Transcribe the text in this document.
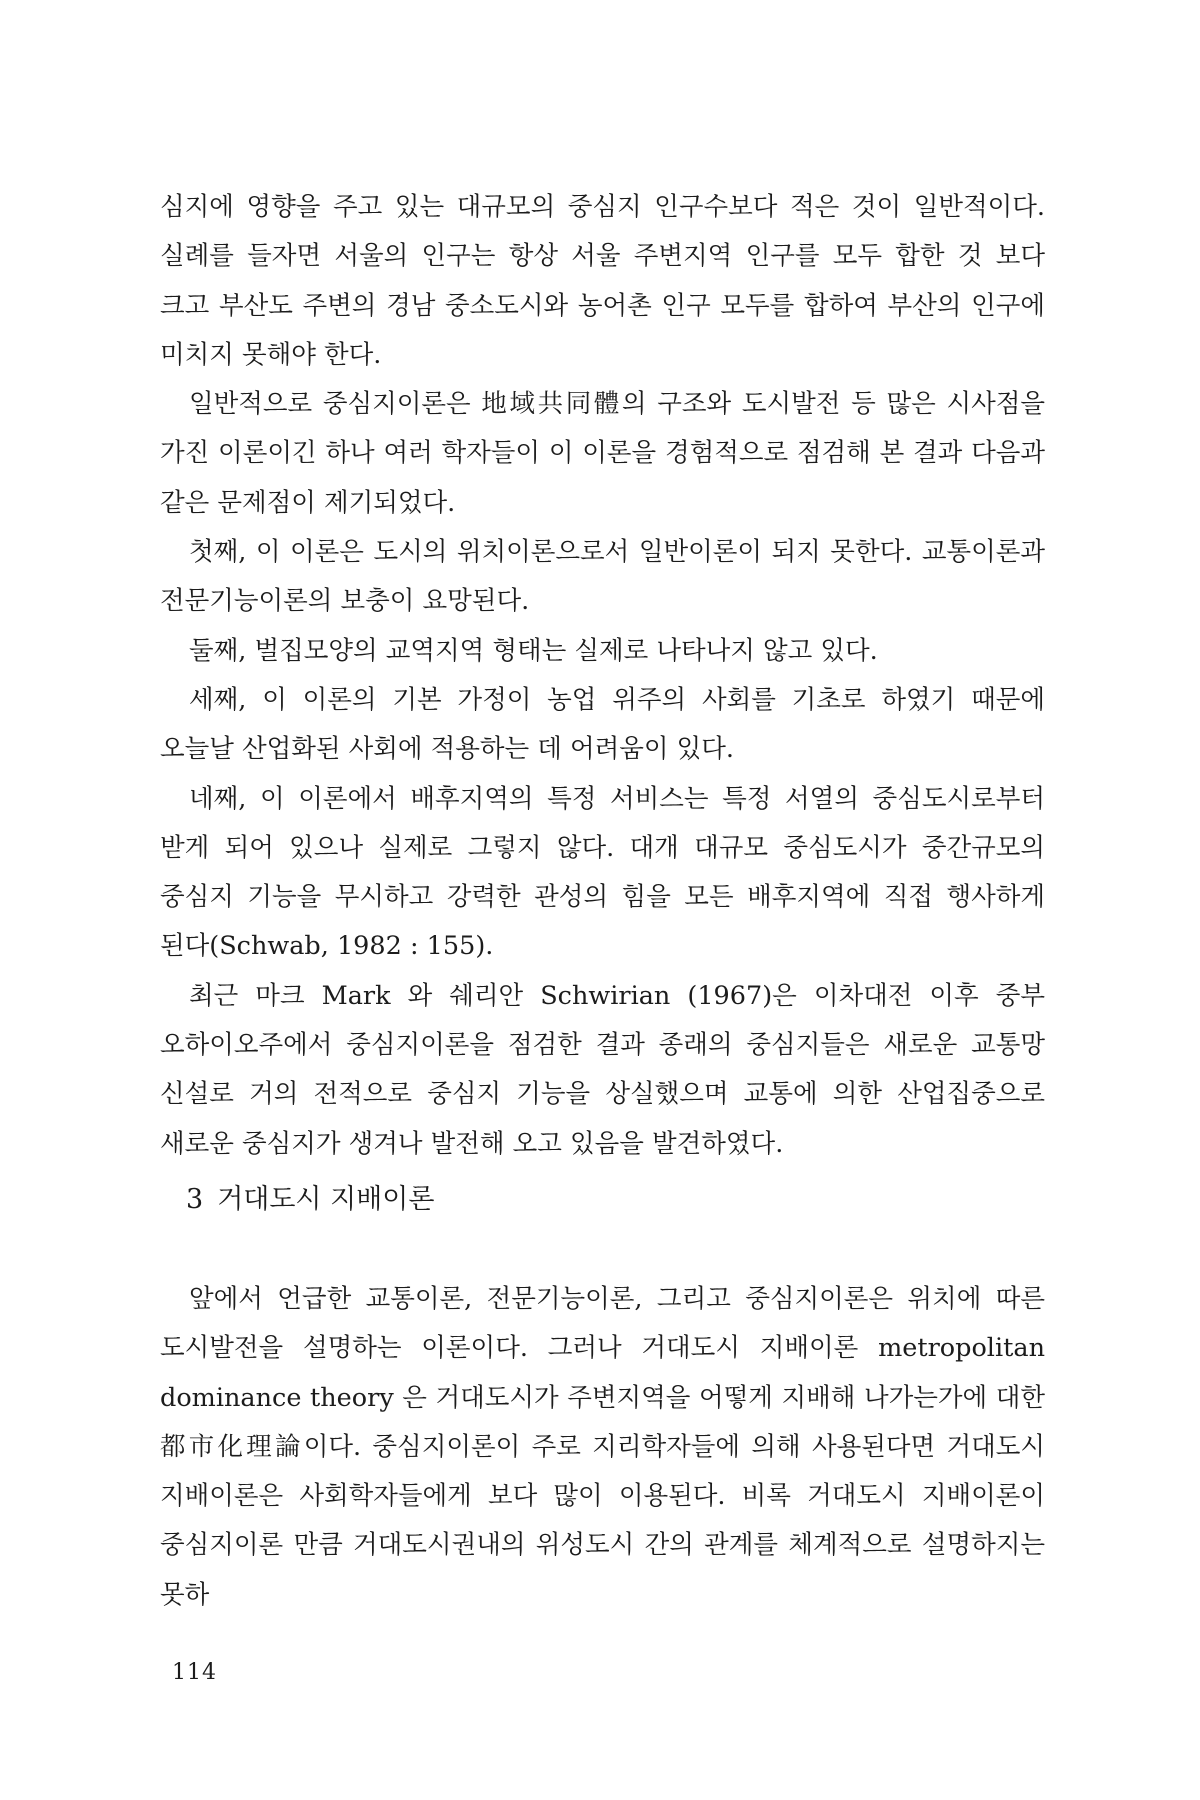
심지에 영향을 주고 있는 대규모의 중심지 인구수보다 적은 것이 일반적이다. 실례를 들자면 서울의 인구는 항상 서울 주변지역 인구를 모두 합한 것 보다 크고 부산도 주변의 경남 중소도시와 농어촌 인구 모두를 합하여 부산의 인구에 미치지 못해야 한다.

일반적으로 중심지이론은 地域共同體의 구조와 도시발전 등 많은 시사점을 가진 이론이긴 하나 여러 학자들이 이 이론을 경험적으로 점검해 본 결과 다음과 같은 문제점이 제기되었다.

첫째, 이 이론은 도시의 위치이론으로서 일반이론이 되지 못한다. 교통이론과 전문기능이론의 보충이 요망된다.

둘째, 벌집모양의 교역지역 형태는 실제로 나타나지 않고 있다.

세째, 이 이론의 기본 가정이 농업 위주의 사회를 기초로 하였기 때문에 오늘날 산업화된 사회에 적용하는 데 어려움이 있다.

네째, 이 이론에서 배후지역의 특정 서비스는 특정 서열의 중심도시로부터 받게 되어 있으나 실제로 그렇지 않다. 대개 대규모 중심도시가 중간규모의 중심지 기능을 무시하고 강력한 관성의 힘을 모든 배후지역에 직접 행사하게 된다(Schwab, 1982 : 155).

최근 마크 Mark 와 쉐리안 Schwirian (1967)은 이차대전 이후 중부 오하이오주에서 중심지이론을 점검한 결과 종래의 중심지들은 새로운 교통망 신설로 거의 전적으로 중심지 기능을 상실했으며 교통에 의한 산업집중으로 새로운 중심지가 생겨나 발전해 오고 있음을 발견하였다.

3 거대도시 지배이론

앞에서 언급한 교통이론, 전문기능이론, 그리고 중심지이론은 위치에 따른 도시발전을 설명하는 이론이다. 그러나 거대도시 지배이론 metropolitan dominance theory 은 거대도시가 주변지역을 어떻게 지배해 나가는가에 대한 都市化理論이다. 중심지이론이 주로 지리학자들에 의해 사용된다면 거대도시 지배이론은 사회학자들에게 보다 많이 이용된다. 비록 거대도시 지배이론이 중심지이론 만큼 거대도시권내의 위성도시 간의 관계를 체계적으로 설명하지는 못하

114
